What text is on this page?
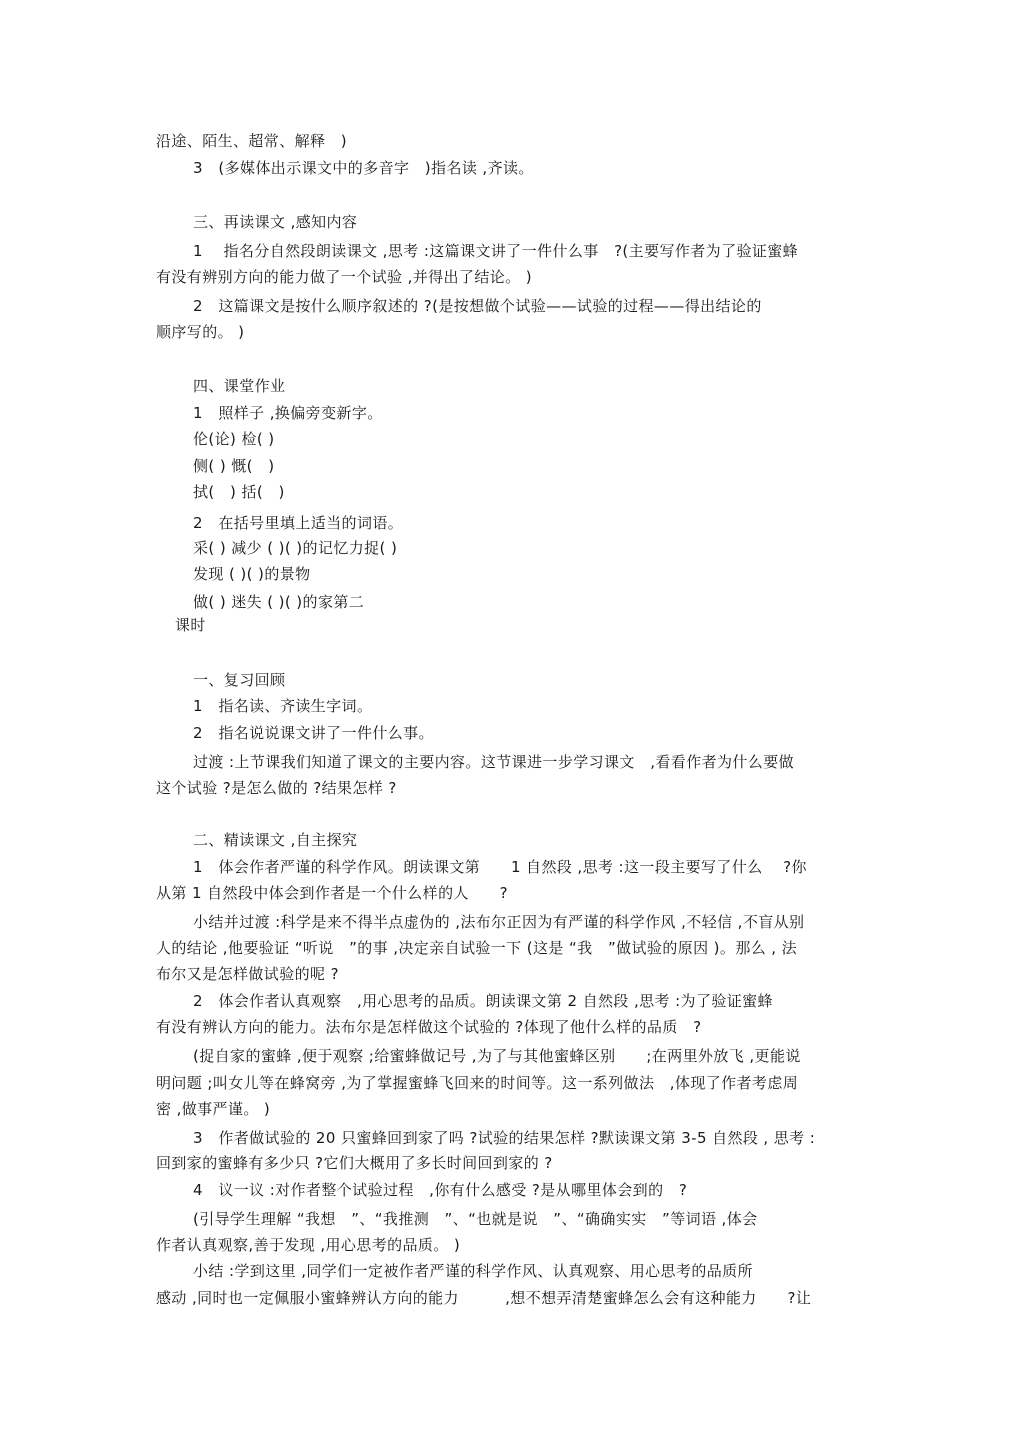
沿途、陌生、超常、解释　)
3　(多媒体出示课文中的多音字　)指名读 ,齐读。
三、再读课文 ,感知内容
1　 指名分自然段朗读课文 ,思考 :这篇课文讲了一件什么事　?(主要写作者为了验证蜜蜂
有没有辨别方向的能力做了一个试验 ,并得出了结论。 )
2　这篇课文是按什么顺序叙述的 ?(是按想做个试验——试验的过程——得出结论的
顺序写的。 )
四、课堂作业
1　照样子 ,换偏旁变新字。
伦(论) 检( )
侧( ) 慨(　)
拭(　) 括(　)
2　在括号里填上适当的词语。
采( ) 减少 ( )( )的记忆力捉( )
发现 ( )( )的景物
做( ) 迷失 ( )( )的家第二
课时
一、复习回顾
1　指名读、齐读生字词。
2　指名说说课文讲了一件什么事。
过渡 :上节课我们知道了课文的主要内容。这节课进一步学习课文　,看看作者为什么要做
这个试验 ?是怎么做的 ?结果怎样 ?
二、精读课文 ,自主探究
1　体会作者严谨的科学作风。朗读课文第　　1 自然段 ,思考 :这一段主要写了什么　 ?你
从第 1 自然段中体会到作者是一个什么样的人　　?
小结并过渡 :科学是来不得半点虚伪的 ,法布尔正因为有严谨的科学作风 ,不轻信 ,不盲从别
人的结论 ,他要验证 “听说　”的事 ,决定亲自试验一下 (这是 “我　”做试验的原因 )。那么 , 法
布尔又是怎样做试验的呢 ?
2　体会作者认真观察　,用心思考的品质。朗读课文第 2 自然段 ,思考 :为了验证蜜蜂
有没有辨认方向的能力。法布尔是怎样做这个试验的 ?体现了他什么样的品质　?
(捉自家的蜜蜂 ,便于观察 ;给蜜蜂做记号 ,为了与其他蜜蜂区别　　;在两里外放飞 ,更能说
明问题 ;叫女儿等在蜂窝旁 ,为了掌握蜜蜂飞回来的时间等。这一系列做法　,体现了作者考虑周
密 ,做事严谨。 )
3　作者做试验的 20 只蜜蜂回到家了吗 ?试验的结果怎样 ?默读课文第 3-5 自然段 , 思考 :
回到家的蜜蜂有多少只 ?它们大概用了多长时间回到家的 ?
4　议一议 :对作者整个试验过程　,你有什么感受 ?是从哪里体会到的　?
(引导学生理解 “我想　”、“我推测　”、“也就是说　”、“确确实实　”等词语 ,体会
作者认真观察,善于发现 ,用心思考的品质。 )
小结 :学到这里 ,同学们一定被作者严谨的科学作风、认真观察、用心思考的品质所
感动 ,同时也一定佩服小蜜蜂辨认方向的能力　　　,想不想弄清楚蜜蜂怎么会有这种能力　　?让
